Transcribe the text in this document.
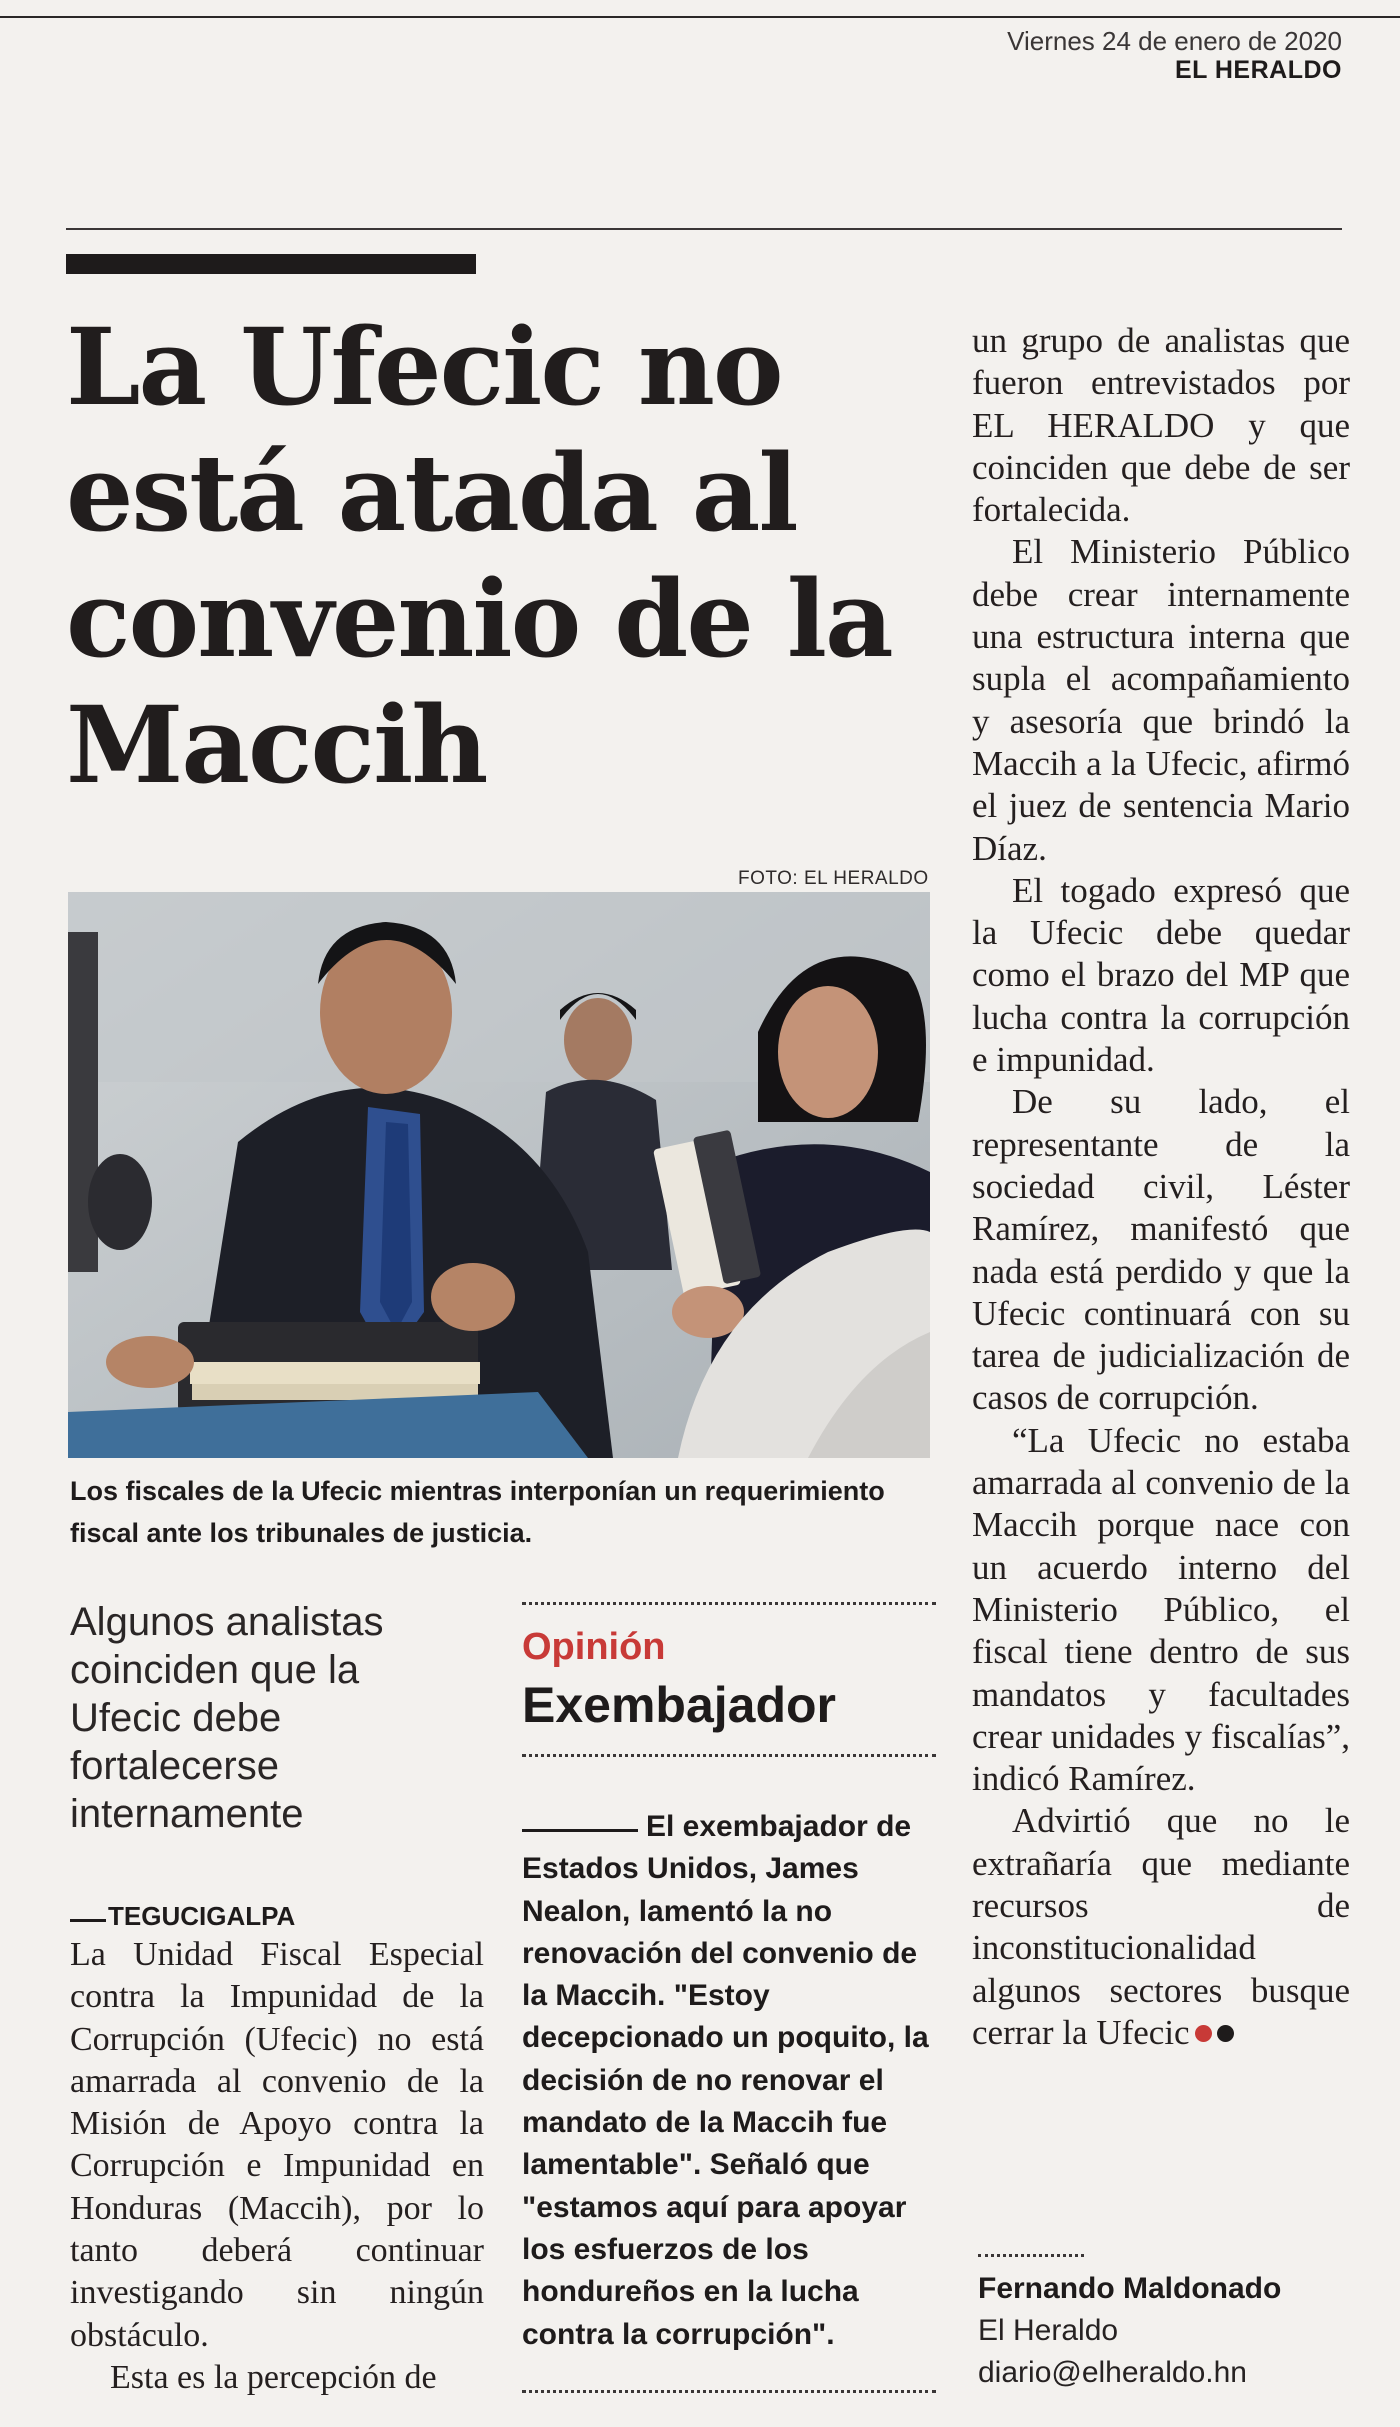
Viernes 24 de enero de 2020
EL HERALDO
La Ufecic no está atada al convenio de la Maccih

un grupo de analistas que fueron entrevistados por EL HERALDO y que coinciden que debe de ser fortalecida.

El Ministerio Público debe crear internamente una estructura interna que supla el acompañamiento y asesoría que brindó la Maccih a la Ufecic, afirmó el juez de sentencia Mario Díaz.

El togado expresó que la Ufecic debe quedar como el brazo del MP que lucha contra la corrupción e impunidad.

De su lado, el representante de la sociedad civil, Léster Ramírez, manifestó que nada está perdido y que la Ufecic continuará con su tarea de judicialización de casos de corrupción.

“La Ufecic no estaba amarrada al convenio de la Maccih porque nace con un acuerdo interno del Ministerio Público, el fiscal tiene dentro de sus mandatos y facultades crear unidades y fiscalías”, indicó Ramírez.

Advirtió que no le extrañaría que mediante recursos de inconstitucionalidad algunos sectores busque cerrar la Ufecic

FOTO: EL HERALDO

Los fiscales de la Ufecic mientras interponían un requerimiento fiscal ante los tribunales de justicia.

Algunos analistas coinciden que la Ufecic debe fortalecerse internamente

TEGUCIGALPA

La Unidad Fiscal Especial contra la Impunidad de la Corrupción (Ufecic) no está amarrada al convenio de la Misión de Apoyo contra la Corrupción e Impunidad en Honduras (Maccih), por lo tanto deberá continuar investigando sin ningún obstáculo.

Esta es la percepción de

Opinión
Exembajador

El exembajador de Estados Unidos, James Nealon, lamentó la no renovación del convenio de la Maccih. "Estoy decepcionado un poquito, la decisión de no renovar el mandato de la Maccih fue lamentable". Señaló que "estamos aquí para apoyar los esfuerzos de los hondureños en la lucha contra la corrupción".

Fernando Maldonado
El Heraldo
diario@elheraldo.hn
